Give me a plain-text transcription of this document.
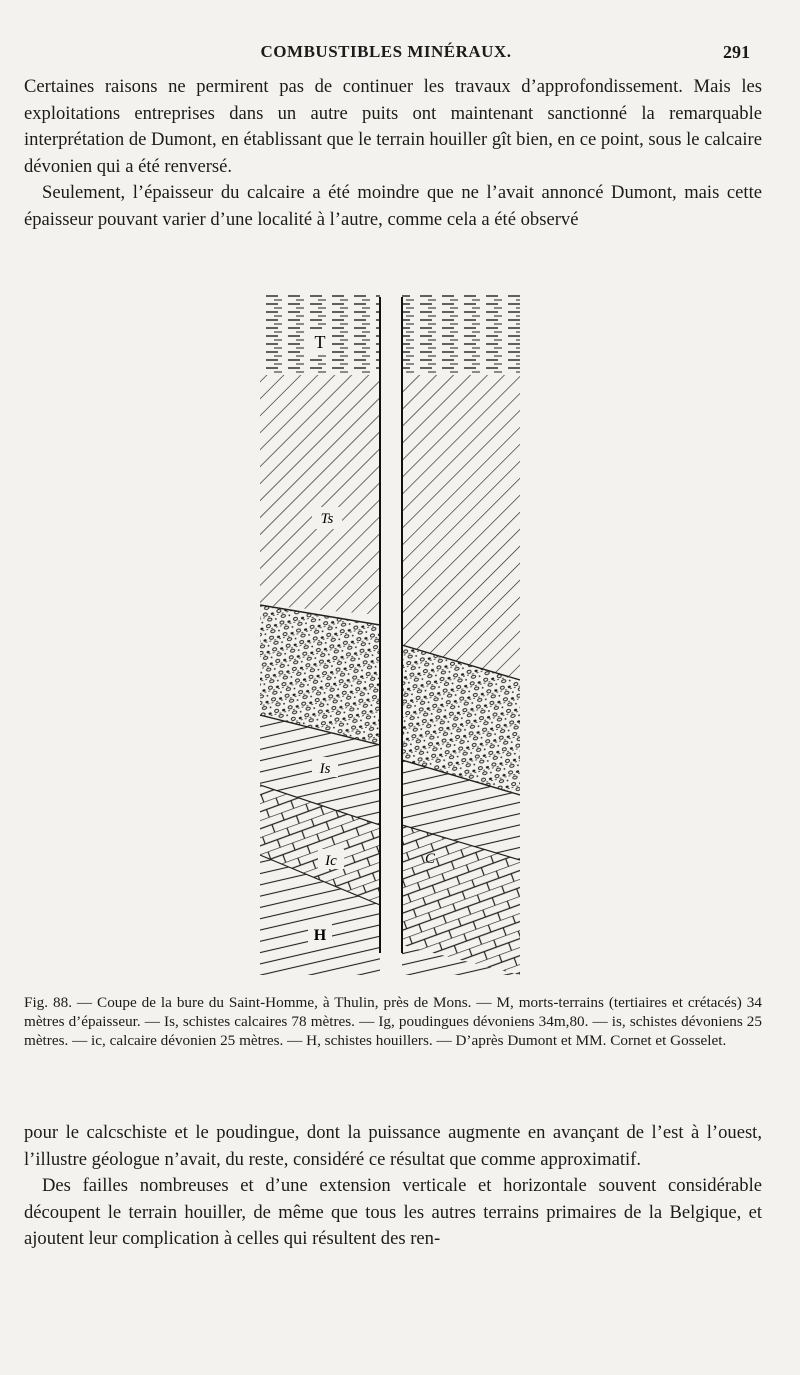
COMBUSTIBLES MINÉRAUX.	291

Certaines raisons ne permirent pas de continuer les travaux d’approfondissement. Mais les exploitations entreprises dans un autre puits ont maintenant sanctionné la remarquable interprétation de Dumont, en établissant que le terrain houiller gît bien, en ce point, sous le calcaire dévonien qui a été renversé.

Seulement, l’épaisseur du calcaire a été moindre que ne l’avait annoncé Dumont, mais cette épaisseur pouvant varier d’une localité à l’autre, comme cela a été observé

T
Ts
Is
Ic
H
C
Fig. 88. — Coupe de la bure du Saint-Homme, à Thulin, près de Mons. — M, morts-terrains (tertiaires et crétacés) 34 mètres d’épaisseur. — Is, schistes calcaires 78 mètres. — Ig, poudingues dévoniens 34m,80. — is, schistes dévoniens 25 mètres. — ic, calcaire dévonien 25 mètres. — H, schistes houillers. — D’après Dumont et MM. Cornet et Gosselet.

pour le calcschiste et le poudingue, dont la puissance augmente en avançant de l’est à l’ouest, l’illustre géologue n’avait, du reste, considéré ce résultat que comme approximatif.

Des failles nombreuses et d’une extension verticale et horizontale souvent considérable découpent le terrain houiller, de même que tous les autres terrains primaires de la Belgique, et ajoutent leur complication à celles qui résultent des ren-
